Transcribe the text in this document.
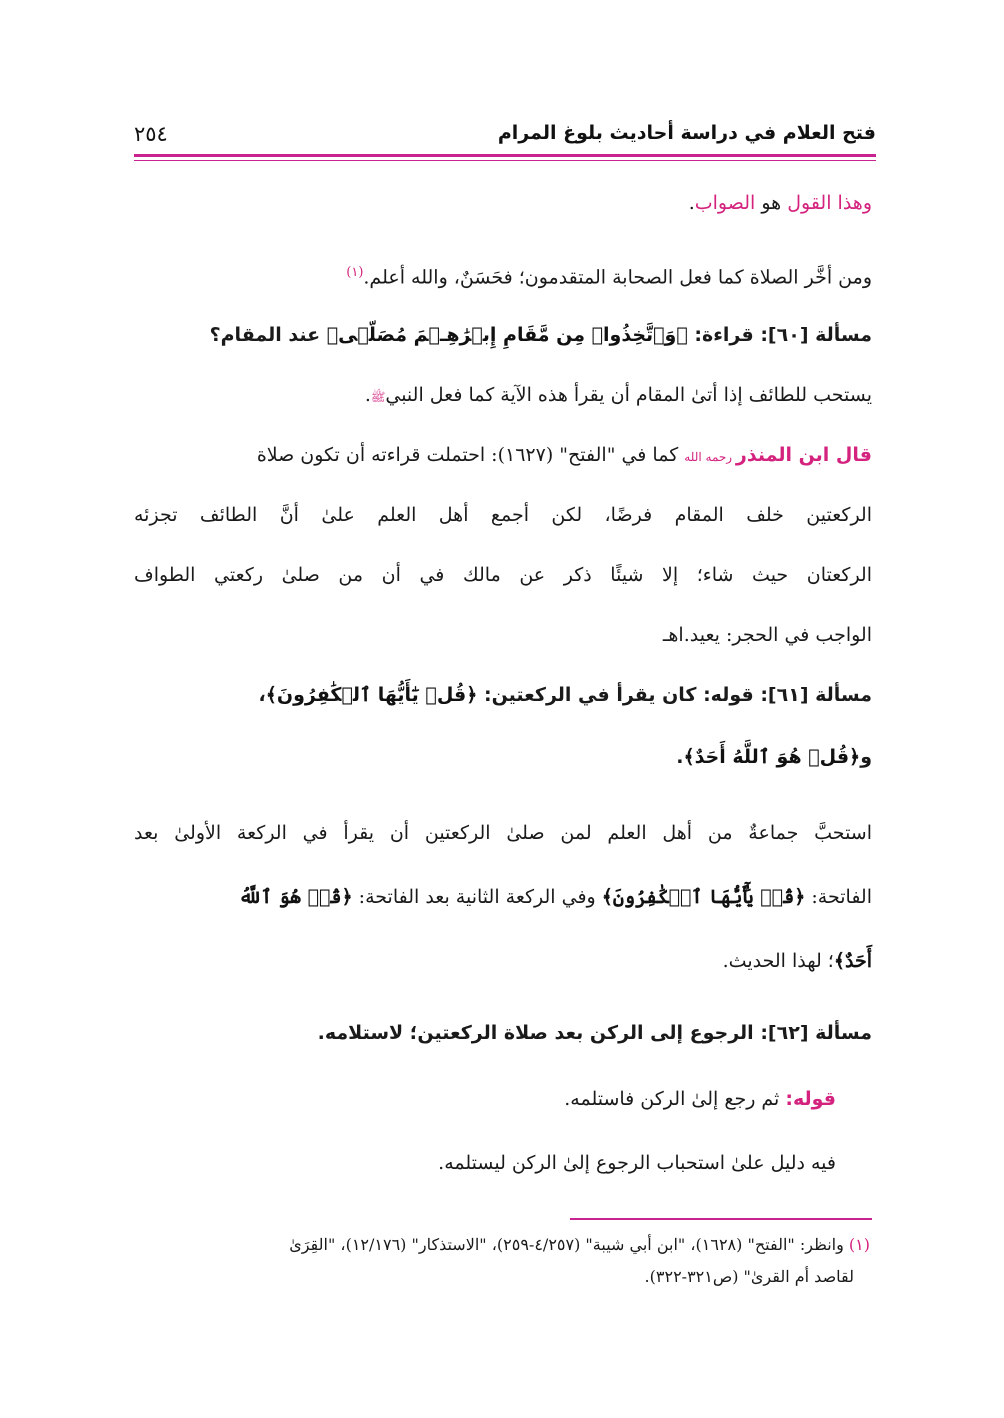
فتح العلام في دراسة أحاديث بلوغ المرام
٢٥٤
وهذا القول هو الصواب.
ومن أخَّر الصلاة كما فعل الصحابة المتقدمون؛ فحَسَنٌ، والله أعلم.$^{(١)}$
مسألة [٦٠]: قراءة: ﴿وَٱتَّخِذُوا۟ مِن مَّقَامِ إِبۡرَٰهِـۧمَ مُصَلࣰّى﴾ عند المقام؟
يستحب للطائف إذا أتىٰ المقام أن يقرأ هذه الآية كما فعل النبيﷺ.
قال ابن المنذر رحمه الله كما في "الفتح" (١٦٢٧): احتملت قراءته أن تكون صلاة
الركعتين خلف المقام فرضًا، لكن أجمع أهل العلم علىٰ أنَّ الطائف تجزئه
الركعتان حيث شاء؛ إلا شيئًا ذكر عن مالك في أن من صلىٰ ركعتي الطواف
الواجب في الحجر: يعيد.اهـ
مسألة [٦١]: قوله: كان يقرأ في الركعتين: ﴿قُلۡ يَٰٓأَيُّهَا ٱلۡكَٰفِرُونَ﴾،
و﴿قُلۡ هُوَ ٱللَّهُ أَحَدٌ﴾.
استحبَّ جماعةٌ من أهل العلم لمن صلىٰ الركعتين أن يقرأ في الركعة الأولىٰ بعد
الفاتحة: ﴿قُلۡ يَٰٓأَيُّهَا ٱلۡكَٰفِرُونَ﴾ وفي الركعة الثانية بعد الفاتحة: ﴿قُلۡ هُوَ ٱللَّهُ
أَحَدٌ﴾؛ لهذا الحديث.
مسألة [٦٢]: الرجوع إلى الركن بعد صلاة الركعتين؛ لاستلامه.
قوله: ثم رجع إلىٰ الركن فاستلمه.
فيه دليل علىٰ استحباب الرجوع إلىٰ الركن ليستلمه.
(١) وانظر: "الفتح" (١٦٢٨)، "ابن أبي شيبة" (٤/٢٥٧-٢٥٩)، "الاستذكار" (١٢/١٧٦)، "القِرَىٰ
لقاصد أم القرىٰ" (ص٣٢١-٣٢٢).
